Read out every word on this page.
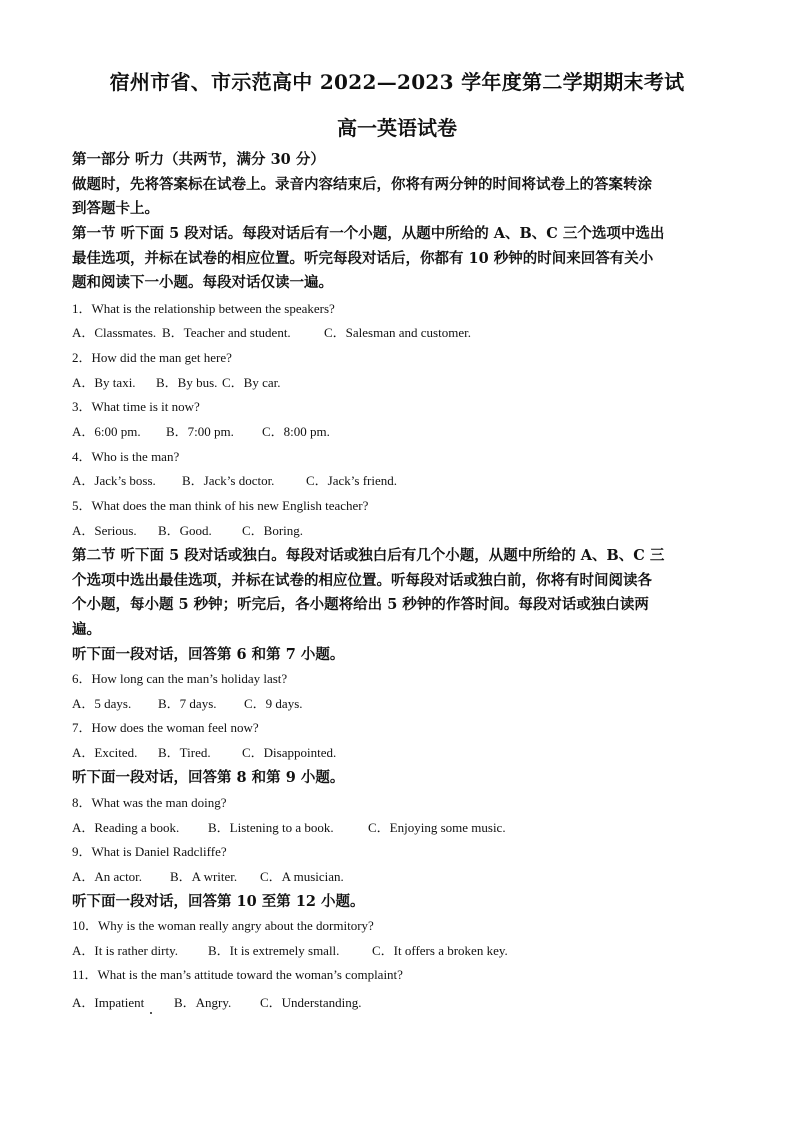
宿州市省、市示范高中 2022—2023 学年度第二学期期末考试
高一英语试卷
第一部分 听力（共两节，满分 30 分）
做题时，先将答案标在试卷上。录音内容结束后，你将有两分钟的时间将试卷上的答案转涂
到答题卡上。
第一节 听下面 5 段对话。每段对话后有一个小题，从题中所给的 A、B、C 三个选项中选出
最佳选项，并标在试卷的相应位置。听完每段对话后，你都有 10 秒钟的时间来回答有关小
题和阅读下一小题。每段对话仅读一遍。
1．What is the relationship between the speakers?
A．Classmates. B．Teacher and student.	C．Salesman and customer.
2．How did the man get here?
A．By taxi. B．By bus. C．By car.
3．What time is it now?
A．6:00 pm. B．7:00 pm. C．8:00 pm.
4．Who is the man?
A．Jack’s boss. B．Jack’s doctor. C．Jack’s friend.
5．What does the man think of his new English teacher?
A．Serious. B．Good. C．Boring.
第二节 听下面 5 段对话或独白。每段对话或独白后有几个小题，从题中所给的 A、B、C 三
个选项中选出最佳选项，并标在试卷的相应位置。听每段对话或独白前，你将有时间阅读各
个小题，每小题 5 秒钟；听完后，各小题将给出 5 秒钟的作答时间。每段对话或独白读两
遍。
听下面一段对话，回答第 6 和第 7 小题。
6．How long can the man’s holiday last?
A．5 days. B．7 days. C．9 days.
7．How does the woman feel now?
A．Excited. B．Tired. C．Disappointed.
听下面一段对话，回答第 8 和第 9 小题。
8．What was the man doing?
A．Reading a book. B．Listening to a book.	C．Enjoying some music.
9．What is Daniel Radcliffe?
A．An actor. B．A writer. C．A musician.
听下面一段对话，回答第 10 至第 12 小题。
10．Why is the woman really angry about the dormitory?
A．It is rather dirty. B．It is extremely small.	C．It offers a broken key.
11．What is the man’s attitude toward the woman’s complaint?
A．Impatient B．Angry. C．Understanding.
